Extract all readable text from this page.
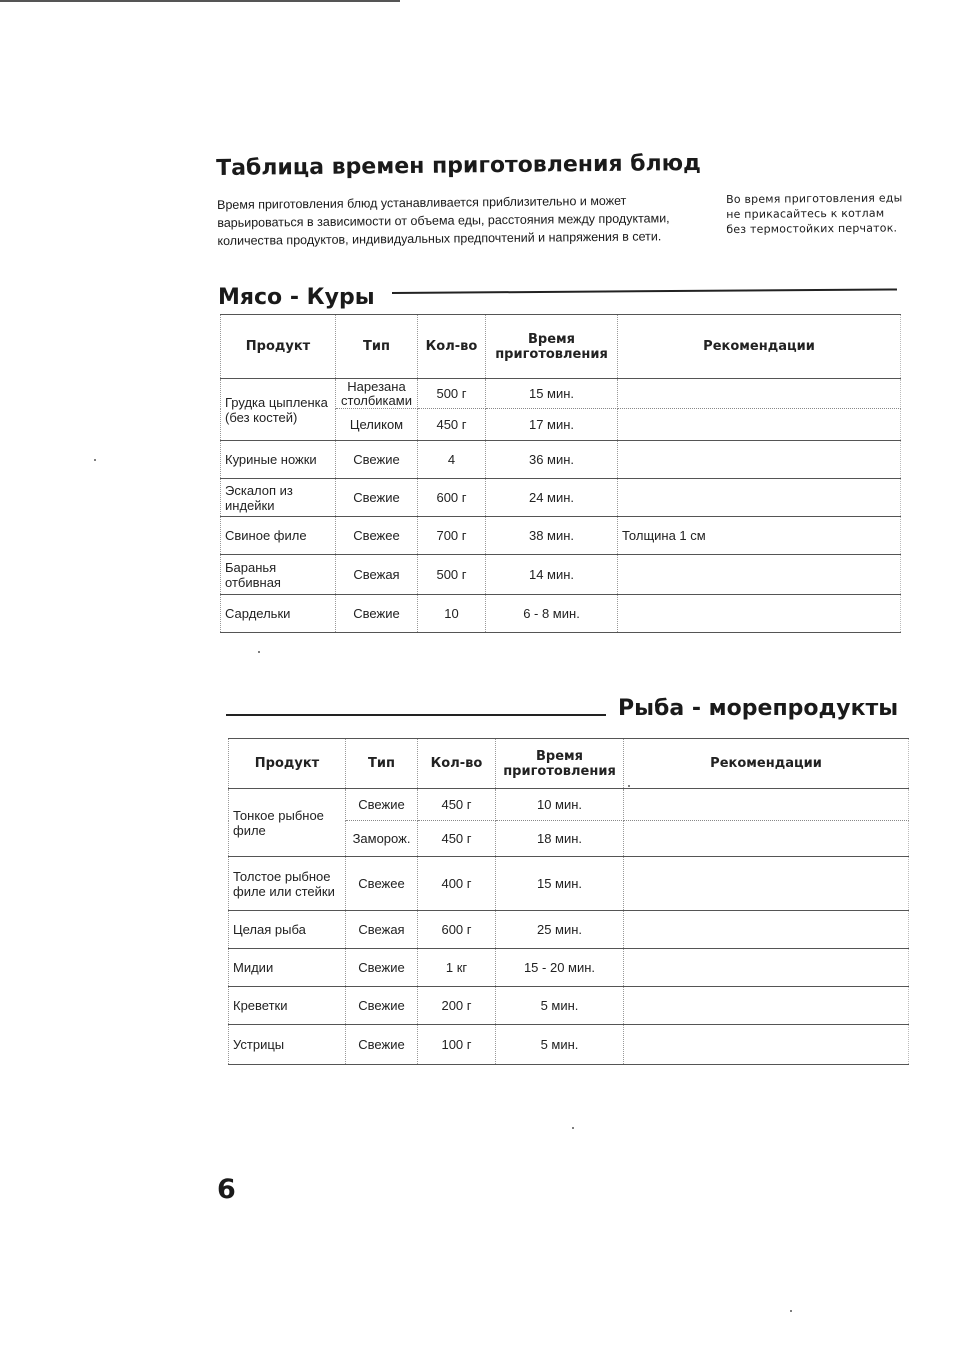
Таблица врeмен приготовления блюд
Время приготовления блюд устанавливается приблизительно и может варьироваться в зависимости от объема еды, расстояния между продуктами, количества продуктов, индивидуальных предпочтений и напряжения в сети.
Во время приготовления еды не прикасайтесь к котлам без термостойких перчаток.
Мясо - Куры
Продукт	Тип	Кол-во	Время приготовления	Рекомендации
Грудка цыпленка (без костей)	Нарезана столбиками	500 г	15 мин.	
	Целиком	450 г	17 мин.	
Куриные ножки	Свежие	4	36 мин.	
Эскалоп из индейки	Свежие	600 г	24 мин.	
Свиное филе	Свежее	700 г	38 мин.	Толщина 1 см
Баранья отбивная	Свежая	500 г	14 мин.	
Сардельки	Свежие	10	6 - 8 мин.	
Рыба - морепродукты
Продукт	Тип	Кол-во	Время приготовления	Рекомендации
Тонкое рыбное филе	Свежие	450 г	10 мин.	
	Заморож.	450 г	18 мин.	
Толстое рыбное филе или стейки	Свежее	400 г	15 мин.	
Целая рыба	Свежая	600 г	25 мин.	
Мидии	Свежие	1 кг	15 - 20 мин.	
Креветки	Свежие	200 г	5 мин.	
Устрицы	Свежие	100 г	5 мин.	
6
